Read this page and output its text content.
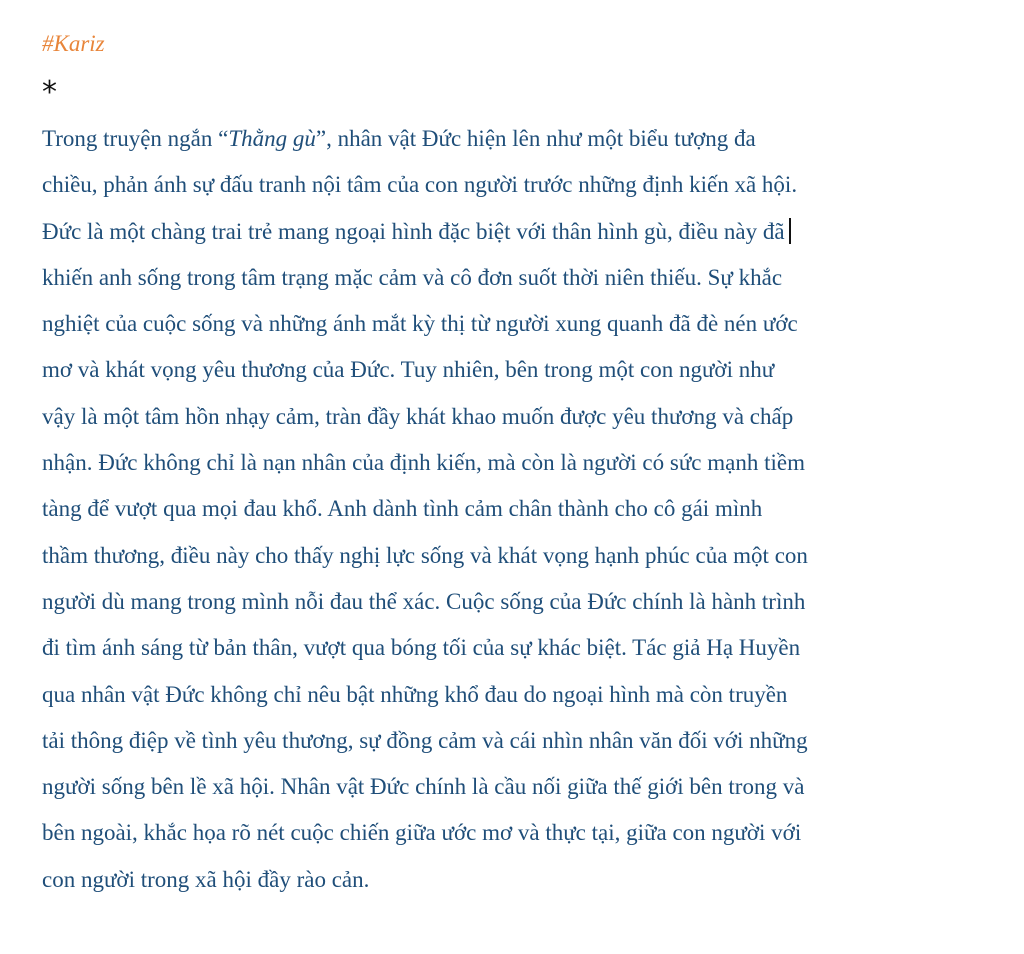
#Kariz

*
Trong truyện ngắn “Thằng gù”, nhân vật Đức hiện lên như một biểu tượng đa
chiều, phản ánh sự đấu tranh nội tâm của con người trước những định kiến xã hội.
Đức là một chàng trai trẻ mang ngoại hình đặc biệt với thân hình gù, điều này đã
khiến anh sống trong tâm trạng mặc cảm và cô đơn suốt thời niên thiếu. Sự khắc
nghiệt của cuộc sống và những ánh mắt kỳ thị từ người xung quanh đã đè nén ước
mơ và khát vọng yêu thương của Đức. Tuy nhiên, bên trong một con người như
vậy là một tâm hồn nhạy cảm, tràn đầy khát khao muốn được yêu thương và chấp
nhận. Đức không chỉ là nạn nhân của định kiến, mà còn là người có sức mạnh tiềm
tàng để vượt qua mọi đau khổ. Anh dành tình cảm chân thành cho cô gái mình
thầm thương, điều này cho thấy nghị lực sống và khát vọng hạnh phúc của một con
người dù mang trong mình nỗi đau thể xác. Cuộc sống của Đức chính là hành trình
đi tìm ánh sáng từ bản thân, vượt qua bóng tối của sự khác biệt. Tác giả Hạ Huyền
qua nhân vật Đức không chỉ nêu bật những khổ đau do ngoại hình mà còn truyền
tải thông điệp về tình yêu thương, sự đồng cảm và cái nhìn nhân văn đối với những
người sống bên lề xã hội. Nhân vật Đức chính là cầu nối giữa thế giới bên trong và
bên ngoài, khắc họa rõ nét cuộc chiến giữa ước mơ và thực tại, giữa con người với
con người trong xã hội đầy rào cản.
